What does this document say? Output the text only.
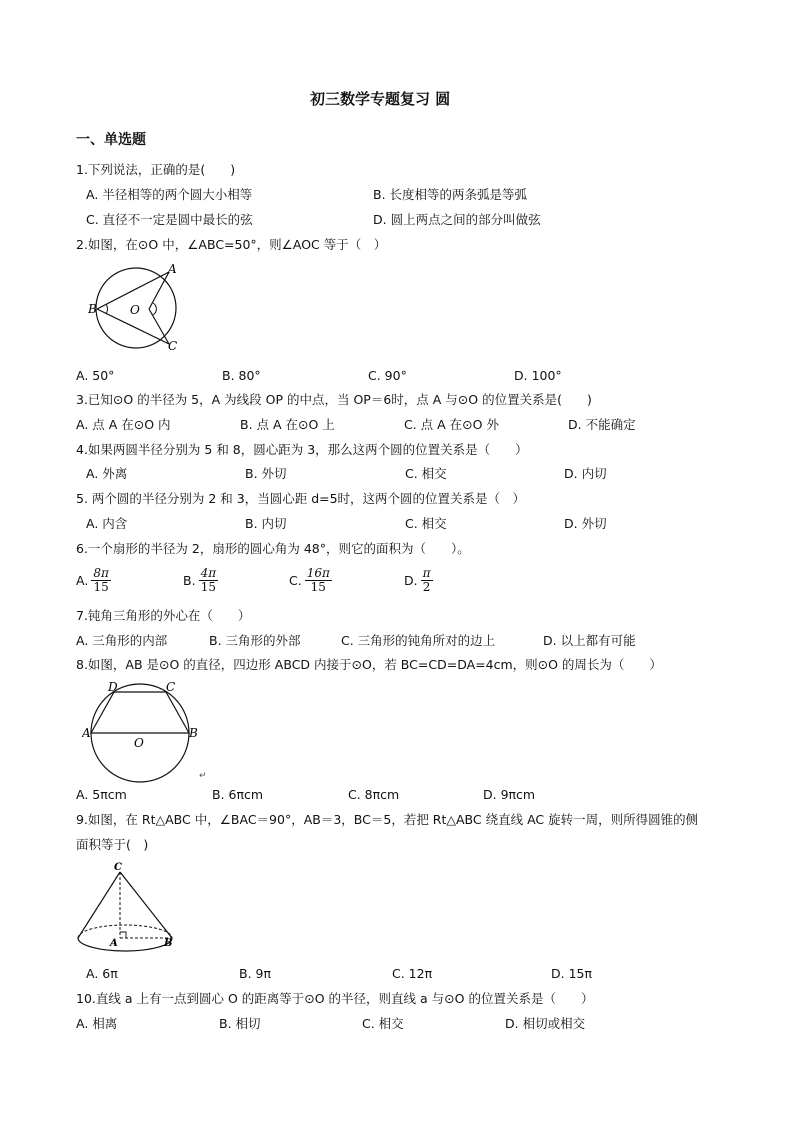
初三数学专题复习 圆
一、单选题
1.下列说法，正确的是(　　)
A. 半径相等的两个圆大小相等	B. 长度相等的两条弧是等弧
C. 直径不一定是圆中最长的弦	D. 圆上两点之间的部分叫做弦
2.如图，在⊙O 中，∠ABC=50°，则∠AOC 等于（　）
A
B
C
O
A. 50°	B. 80°	C. 90°	D. 100°
3.已知⊙O 的半径为 5，A 为线段 OP 的中点，当 OP＝6时，点 A 与⊙O 的位置关系是(　　)
A. 点 A 在⊙O 内	B. 点 A 在⊙O 上	C. 点 A 在⊙O 外	D. 不能确定
4.如果两圆半径分别为 5 和 8，圆心距为 3，那么这两个圆的位置关系是（　　）
A. 外离	B. 外切	C. 相交	D. 内切
5. 两个圆的半径分别为 2 和 3，当圆心距 d=5时，这两个圆的位置关系是（　）
A. 内含	B. 内切	C. 相交	D. 外切
6.一个扇形的半径为 2，扇形的圆心角为 48°，则它的面积为（　　）。
A. $\frac{8\pi}{15}$	B. $\frac{4\pi}{15}$	C. $\frac{16\pi}{15}$	D. $\frac{\pi}{2}$
7.钝角三角形的外心在（　　）
A. 三角形的内部	B. 三角形的外部	C. 三角形的钝角所对的边上	D. 以上都有可能
8.如图，AB 是⊙O 的直径，四边形 ABCD 内接于⊙O，若 BC=CD=DA=4cm，则⊙O 的周长为（　　）
A	B
C
D
O
↵
A. 5πcm	B. 6πcm	C. 8πcm	D. 9πcm
9.如图，在 Rt△ABC 中，∠BAC＝90°，AB＝3，BC＝5，若把 Rt△ABC 绕直线 AC 旋转一周，则所得圆锥的侧
面积等于(　)
C
A	B
A. 6π	B. 9π	C. 12π	D. 15π
10.直线 a 上有一点到圆心 O 的距离等于⊙O 的半径，则直线 a 与⊙O 的位置关系是（　　）
A. 相离	B. 相切	C. 相交	D. 相切或相交
